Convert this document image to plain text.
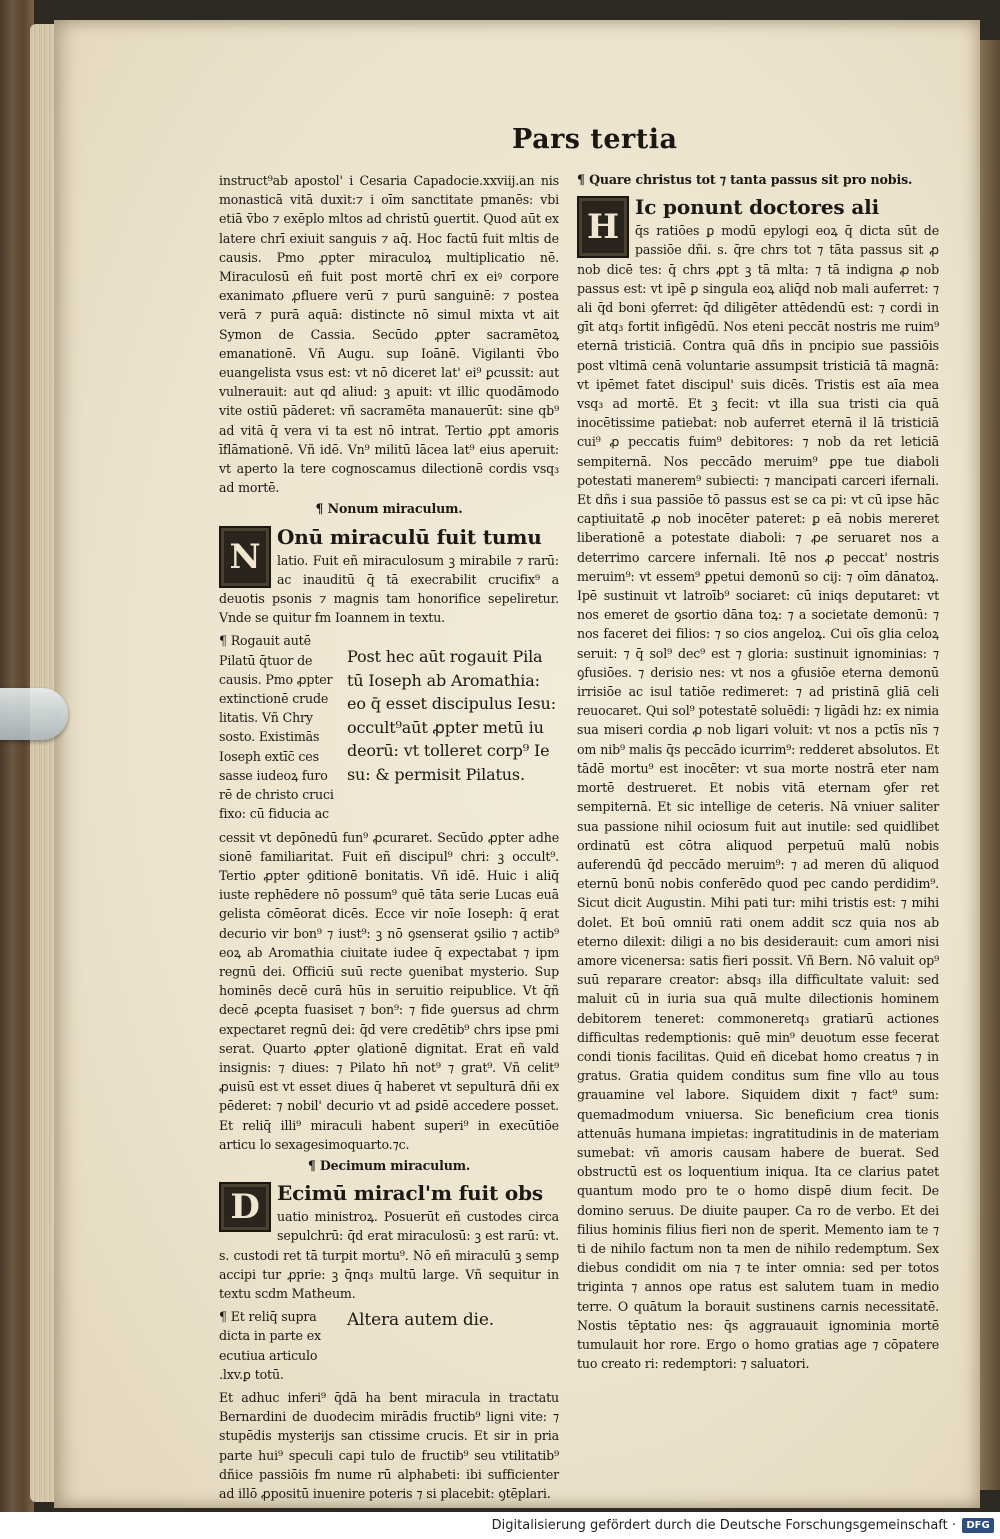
Pars tertia

instruct⁹ab apostol' i Cesaria Capadocie.xxviij.an nis monasticā vitā duxit:⁊ i oīm sanctitate pmanēs: vbi etiā v̄bo ⁊ exēplo mltos ad christū ꝯuertit. Quod aūt ex latere chrī exiuit sanguis ⁊ aq̄. Hoc factū fuit mltis de causis. Pmo ꝓpter miraculoꝝ multiplicatio nē. Miraculosū eñ fuit post mortē chrī ex eiꝰ corpore exanimato ꝓfluere verū ⁊ purū sanguinē: ⁊ postea verā ⁊ purā aquā: distincte nō simul mixta vt ait Symon de Cassia. Secūdo ꝓpter sacramētoꝝ emanationē. Vñ Augu. sup Ioānē. Vigilanti v̄bo euangelista vsus est: vt nō diceret lat' ei⁹ ꝑcussit: aut vulnerauit: aut qd aliud: ꝫ apuit: vt illic quodāmodo vite ostiū pāderet: vñ sacramēta manauerūt: sine qb⁹ ad vitā q̄ vera vi ta est nō intrat. Tertio ꝓpt amoris īflāmationē. Vñ idē. Vn⁹ militū lācea lat⁹ eius aperuit: vt aperto la tere cognoscamus dilectionē cordis vsq₃ ad mortē.

¶ Nonum miraculum.
N Onū miraculū fuit tumu

latio. Fuit eñ miraculosum ꝫ mirabile ⁊ rarū: ac inauditū q̄ tā execrabilit crucifix⁹ a deuotis psonis ⁊ magnis tam honorifice sepeliretur. Vnde se quitur fm Ioannem in textu.

¶ Rogauit autē Pilatū q̄tuor de causis. Pmo ꝓpter extinctionē crude litatis. Vñ Chry sosto. Existimās Ioseph extīc̄ ces sasse iudeoꝝ furo rē de christo cruci fixo: cū fiducia ac
Post hec aūt rogauit Pila tū Ioseph ab Aromathia: eo q̄ esset discipulus Iesu: occult⁹aūt ꝓpter metū iu deorū: vt tolleret corp⁹ Ie su: & permisit Pilatus.

cessit vt depōnedū fun⁹ ꝓcuraret. Secūdo ꝓpter adhe sionē familiaritat. Fuit eñ discipul⁹ chri: ꝫ occult⁹. Tertio ꝓpter ꝯditionē bonitatis. Vñ idē. Huic i aliq̄ iuste rephēdere nō possum⁹ quē tāta serie Lucas euā gelista cōmēorat dicēs. Ecce vir noīe Ioseph: q̄ erat decurio vir bon⁹ ⁊ iust⁹: ꝫ nō ꝯsenserat ꝯsilio ⁊ actib⁹ eoꝝ ab Aromathia ciuitate iudee q̄ expectabat ⁊ ipm regnū dei. Officiū suū recte ꝯuenibat mysterio. Sup hominēs decē curā hūs in seruitio reipublice. Vt q̄ñ decē ꝓcepta fuasiset ⁊ bon⁹: ⁊ fide ꝯuersus ad chrm expectaret regnū dei: q̄d vere credētib⁹ chrs ipse pmi serat. Quarto ꝓpter ꝯlationē dignitat. Erat eñ vald insignis: ⁊ diues: ⁊ Pilato hn̄ not⁹ ⁊ grat⁹. Vñ celit⁹ ꝓuisū est vt esset diues q̄ haberet vt sepulturā dñi ex pēderet: ⁊ nobil' decurio vt ad ꝑsidē accedere posset. Et reliq̄ illi⁹ miraculi habent superi⁹ in execūtiōe articu lo sexagesimoquarto.⁊c.

¶ Decimum miraculum.
D Ecimū miracl'm fuit obs

uatio ministroꝝ. Posuerūt eñ custodes circa sepulchrū: q̄d erat miraculosū: ꝫ est rarū: vt. s. custodi ret tā turpit mortu⁹. Nō eñ miraculū ꝫ semp accipi tur ꝓprie: ꝫ q̄nq₃ multū large. Vñ sequitur in textu scdm Mathеum.

¶ Et reliq̄ supra dicta in parte ex ecutiua articulo .lxv.ꝑ totū.
Altera autem die.

Et adhuc inferi⁹ q̄dā ha bent miracula in tractatu Bernardini de duodecim mirādis fructib⁹ ligni vite: ⁊ stupēdis mysterijs san ctissime crucis. Et sir in pria parte hui⁹ speculi capi tulo de fructib⁹ seu vtilitatib⁹ dñice passiōis fm nume rū alphabeti: ibi sufficienter ad illō ꝓpositū inuenire poteris ⁊ si placebit: ꝯtēplari.

¶ Quare christus tot ⁊ tanta passus sit pro nobis.
H Ic ponunt doctores ali

q̄s ratiōes ꝑ modū epylogi eoꝝ q̄ dicta sūt de passiōe dñi. s. q̄re chrs tot ⁊ tāta passus sit ꝓ nob dicē tes: q̄ chrs ꝓpt ꝫ tā mlta: ⁊ tā indigna ꝓ nob passus est: vt ipē ꝑ singula eoꝝ aliq̄d nob mali auferret: ⁊ ali q̄d boni ꝯferret: q̄d diligēter attēdendū est: ⁊ cordi in gīt atq₃ fortit infigēdū. Nos eteni peccāt nostris me ruim⁹ eternā tristiciā. Contra quā dñs in pncipio sue passiōis post vltimā cenā voluntarie assumpsit tristiciā tā magnā: vt ipēmet fatet discipul' suis dicēs. Tristis est aīa mea vsq₃ ad mortē. Et ꝫ fecit: vt illa sua tristi cia quā inocētissime patiebat: nob auferret eternā il lā tristiciā cui⁹ ꝓ peccatis fuim⁹ debitores: ⁊ nob da ret leticiā sempiternā. Nos peccādo meruim⁹ ꝑpe tue diaboli potestati manerem⁹ subiecti: ⁊ mancipati carceri ifernali. Et dñs i sua passiōe tō passus est se ca pi: vt cū ipse hāc captiuitatē ꝓ nob inocēter pateret: ꝑ eā nobis mereret liberationē a potestate diaboli: ⁊ ꝓe seruaret nos a deterrimo carcere infernali. Itē nos ꝓ peccat' nostris meruim⁹: vt essem⁹ ꝑpetui demonū so cij: ⁊ oīm dānatoꝝ. Ipē sustinuit vt latroīb⁹ sociaret: cū iniqs deputaret: vt nos emeret de ꝯsortio dāna toꝝ: ⁊ a societate demonū: ⁊ nos faceret dei filios: ⁊ so cios angeloꝝ. Cui oīs glia celoꝝ seruit: ⁊ q̄ sol⁹ dec⁹ est ⁊ gloria: sustinuit ignominias: ⁊ ꝯfusiōes. ⁊ derisio nes: vt nos a ꝯfusiōe eterna demonū irrisiōe ac isul tatiōe redimeret: ⁊ ad pristinā gliā celi reuocaret. Qui sol⁹ potestatē soluēdi: ⁊ ligādi hz: ex nimia sua miseri cordia ꝓ nob ligari voluit: vt nos a pctīs nīs ⁊ om nib⁹ malis q̄s peccādo icurrim⁹: redderet absolutos. Et tādē mortu⁹ est inocēter: vt sua morte nostrā eter nam mortē destrueret. Et nobis vitā eternam ꝯfer ret sempiternā. Et sic intellige de ceteris. Nā vniuer saliter sua passione nihil ociosum fuit aut inutile: sed quidlibet ordinatū est cōtra aliquod perpetuū malū nobis auferendū q̄d peccādo meruim⁹: ⁊ ad meren dū aliquod eternū bonū nobis conferēdo quod pec cando perdidim⁹. Sicut dicit Augustin. Mihi pati tur: mihi tristis est: ⁊ mihi dolet. Et boū omniū rati onem addit scz quia nos ab eterno dilexit: diligi a no bis desiderauit: cum amori nisi amore vicenersa: satis fieri possit. Vñ Bern. Nō valuit op⁹ suū reparare creator: absq₃ illa difficultate valuit: sed maluit cū in iuria sua quā multe dilectionis hominem debitorem teneret: commoneretq₃ gratiarū actiones difficultas redemptionis: quē min⁹ deuotum esse fecerat condi tionis facilitas. Quid eñ dicebat homo creatus ⁊ in gratus. Gratia quidem conditus sum fine vllo au tous grauamine vel labore. Siquidem dixit ⁊ fact⁹ sum: quemadmodum vniuersa. Sic beneficium crea tionis attenuās humana impietas: ingratitudinis in de materiam sumebat: vñ amoris causam habere de buerat. Sed obstructū est os loquentium iniqua. Ita ce clarius patet quantum modo pro te o homo dispē dium fecit. De domino seruus. De diuite pauper. Ca ro de verbo. Et dei filius hominis filius fieri non de sperit. Memento iam te ⁊ ti de nihilo factum non ta men de nihilo redemptum. Sex diebus condidit om nia ⁊ te inter omnia: sed per totos triginta ⁊ annos ope ratus est salutem tuam in medio terre. O quātum la borauit sustinens carnis necessitatē. Nostis tēptatio nes: q̄s aggrauauit ignominia mortē tumulauit hor rore. Ergo o homo gratias age ⁊ cōpatere tuo creato ri: redemptori: ⁊ saluatori.

Digitalisierung gefördert durch die Deutsche Forschungsgemeinschaft ·	DFG
